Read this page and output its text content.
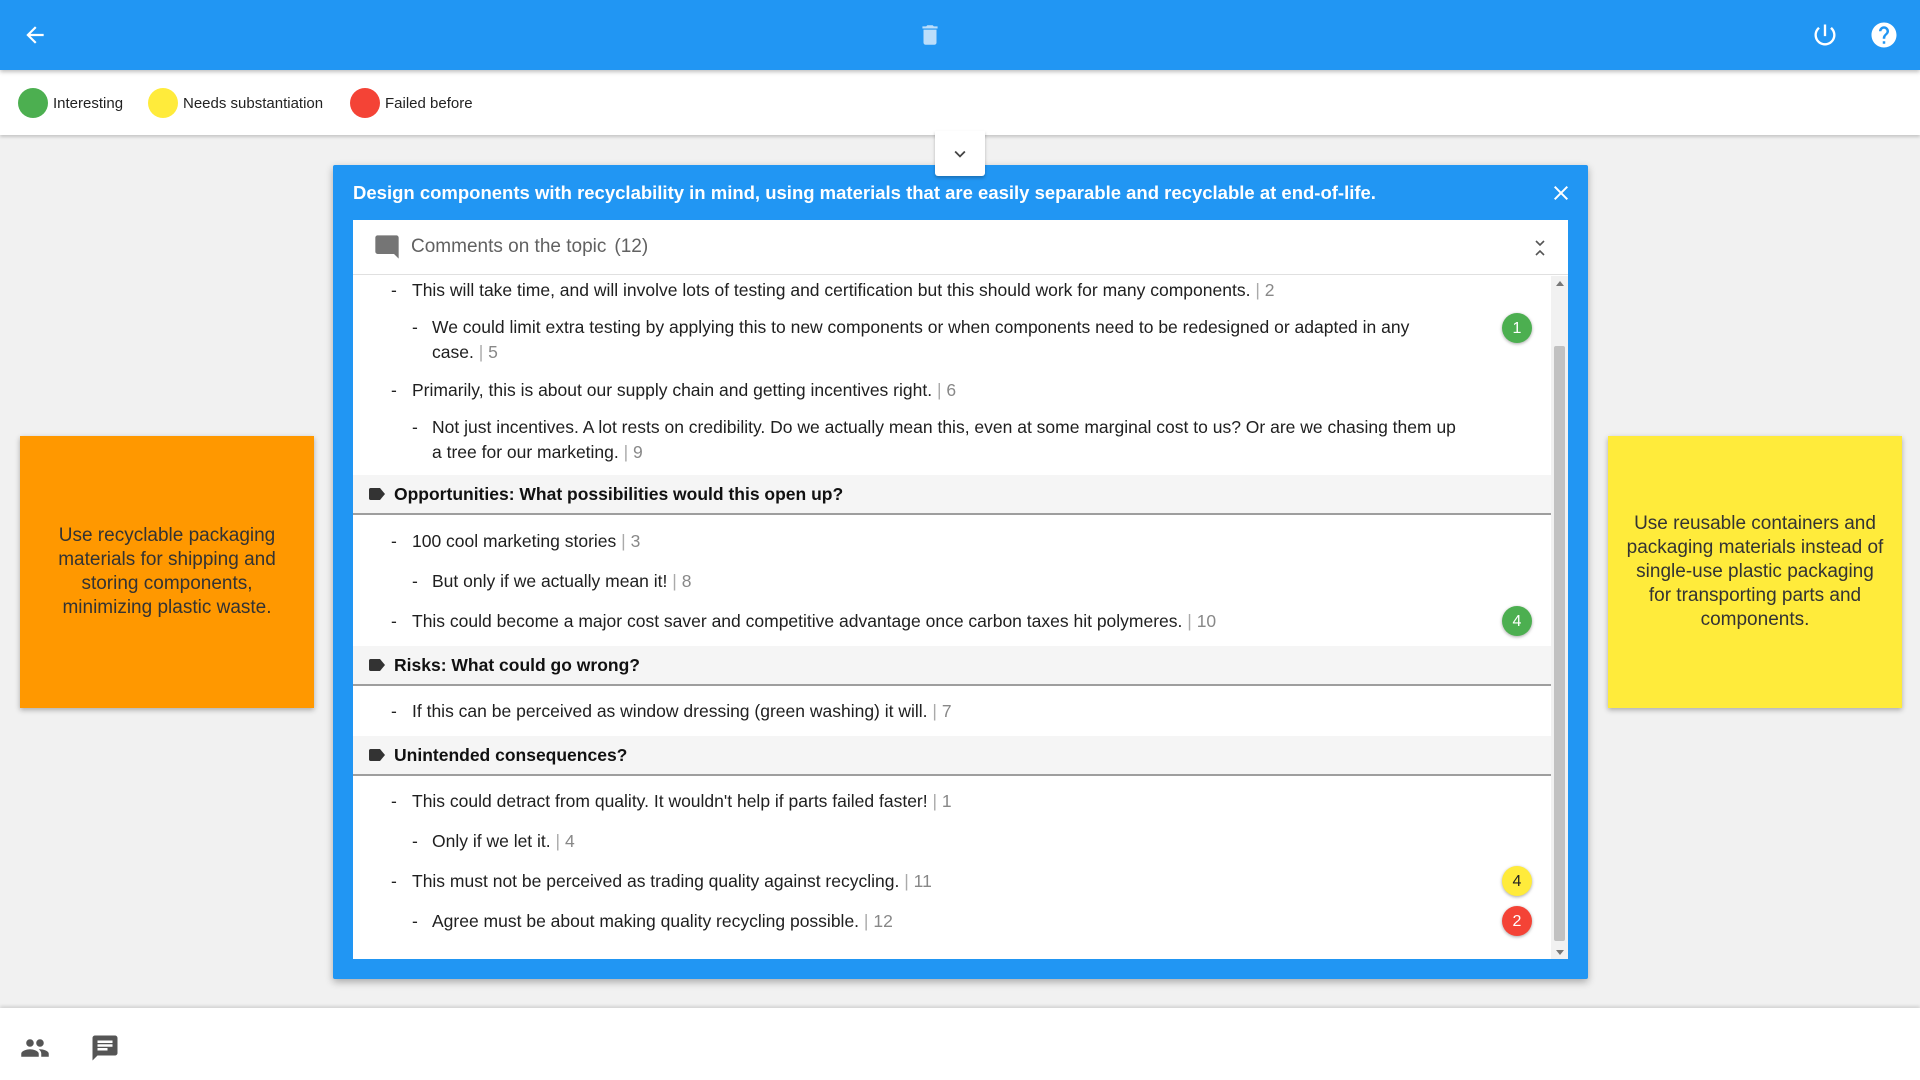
Interesting	Needs substantiation	Failed before
Use recyclable packaging materials for shipping and storing components, minimizing plastic waste.
Use reusable containers and packaging materials instead of single-use plastic packaging for transporting parts and components.
Design components with recyclability in mind, using materials that are easily separable and recyclable at end-of-life.
Comments on the topic (12)
- This will take time, and will involve lots of testing and certification but this should work for many components. | 2
- We could limit extra testing by applying this to new components or when components need to be redesigned or adapted in any
case. | 5
1
- Primarily, this is about our supply chain and getting incentives right. | 6
- Not just incentives. A lot rests on credibility. Do we actually mean this, even at some marginal cost to us? Or are we chasing them up
a tree for our marketing. | 9
Opportunities: What possibilities would this open up?
- 100 cool marketing stories | 3
- But only if we actually mean it! | 8
- This could become a major cost saver and competitive advantage once carbon taxes hit polymeres. | 10	4
Risks: What could go wrong?
- If this can be perceived as window dressing (green washing) it will. | 7
Unintended consequences?
- This could detract from quality. It wouldn't help if parts failed faster! | 1
- Only if we let it. | 4
- This must not be perceived as trading quality against recycling. | 11	4
- Agree must be about making quality recycling possible. | 12	2
